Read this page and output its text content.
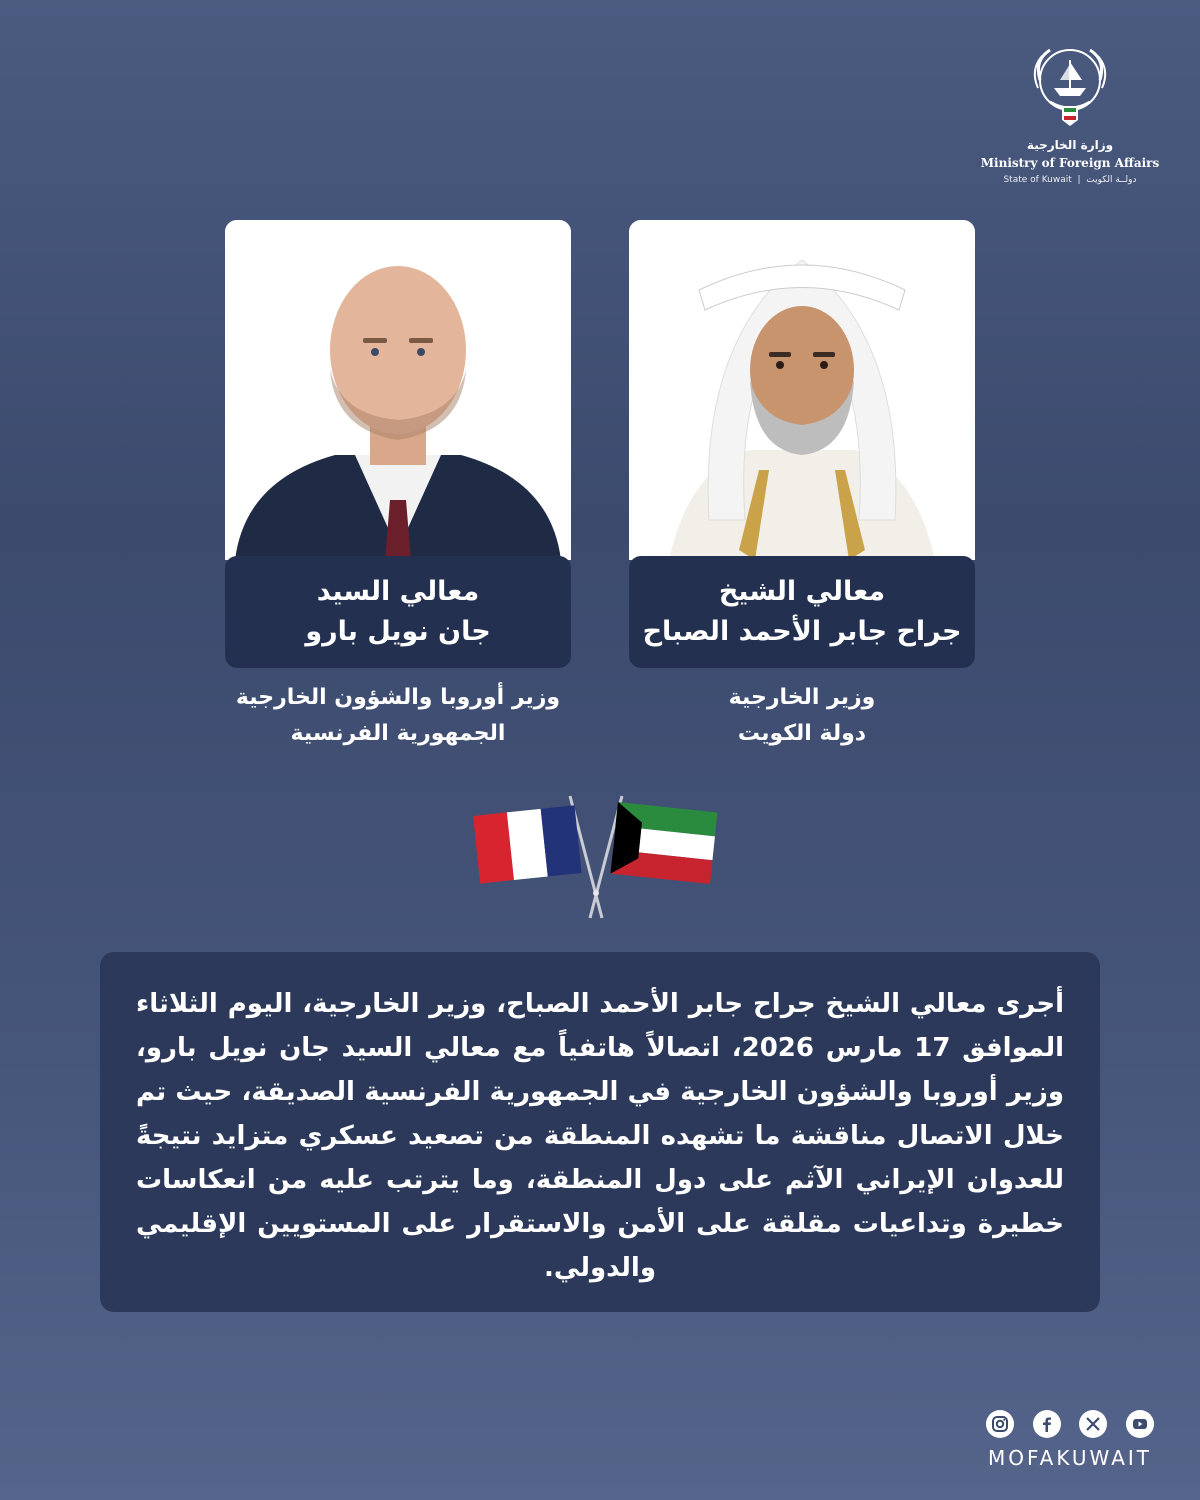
وزارة الخارجية
Ministry of Foreign Affairs
State of Kuwait  |  دولــة الكويت
معالي الشيخ
جراح جابر الأحمد الصباح
معالي السيد
جان نويل بارو
وزير الخارجية
دولة الكويت
وزير أوروبا والشؤون الخارجية
الجمهورية الفرنسية

أجرى معالي الشيخ جراح جابر الأحمد الصباح، وزير الخارجية، اليوم الثلاثاء الموافق 17 مارس 2026، اتصالاً هاتفياً مع معالي السيد جان نويل بارو، وزير أوروبا والشؤون الخارجية في الجمهورية الفرنسية الصديقة، حيث تم خلال الاتصال مناقشة ما تشهده المنطقة من تصعيد عسكري متزايد نتيجةً للعدوان الإيراني الآثم على دول المنطقة، وما يترتب عليه من انعكاسات خطيرة وتداعيات مقلقة على الأمن والاستقرار على المستويين الإقليمي والدولي.

MOFAKUWAIT
